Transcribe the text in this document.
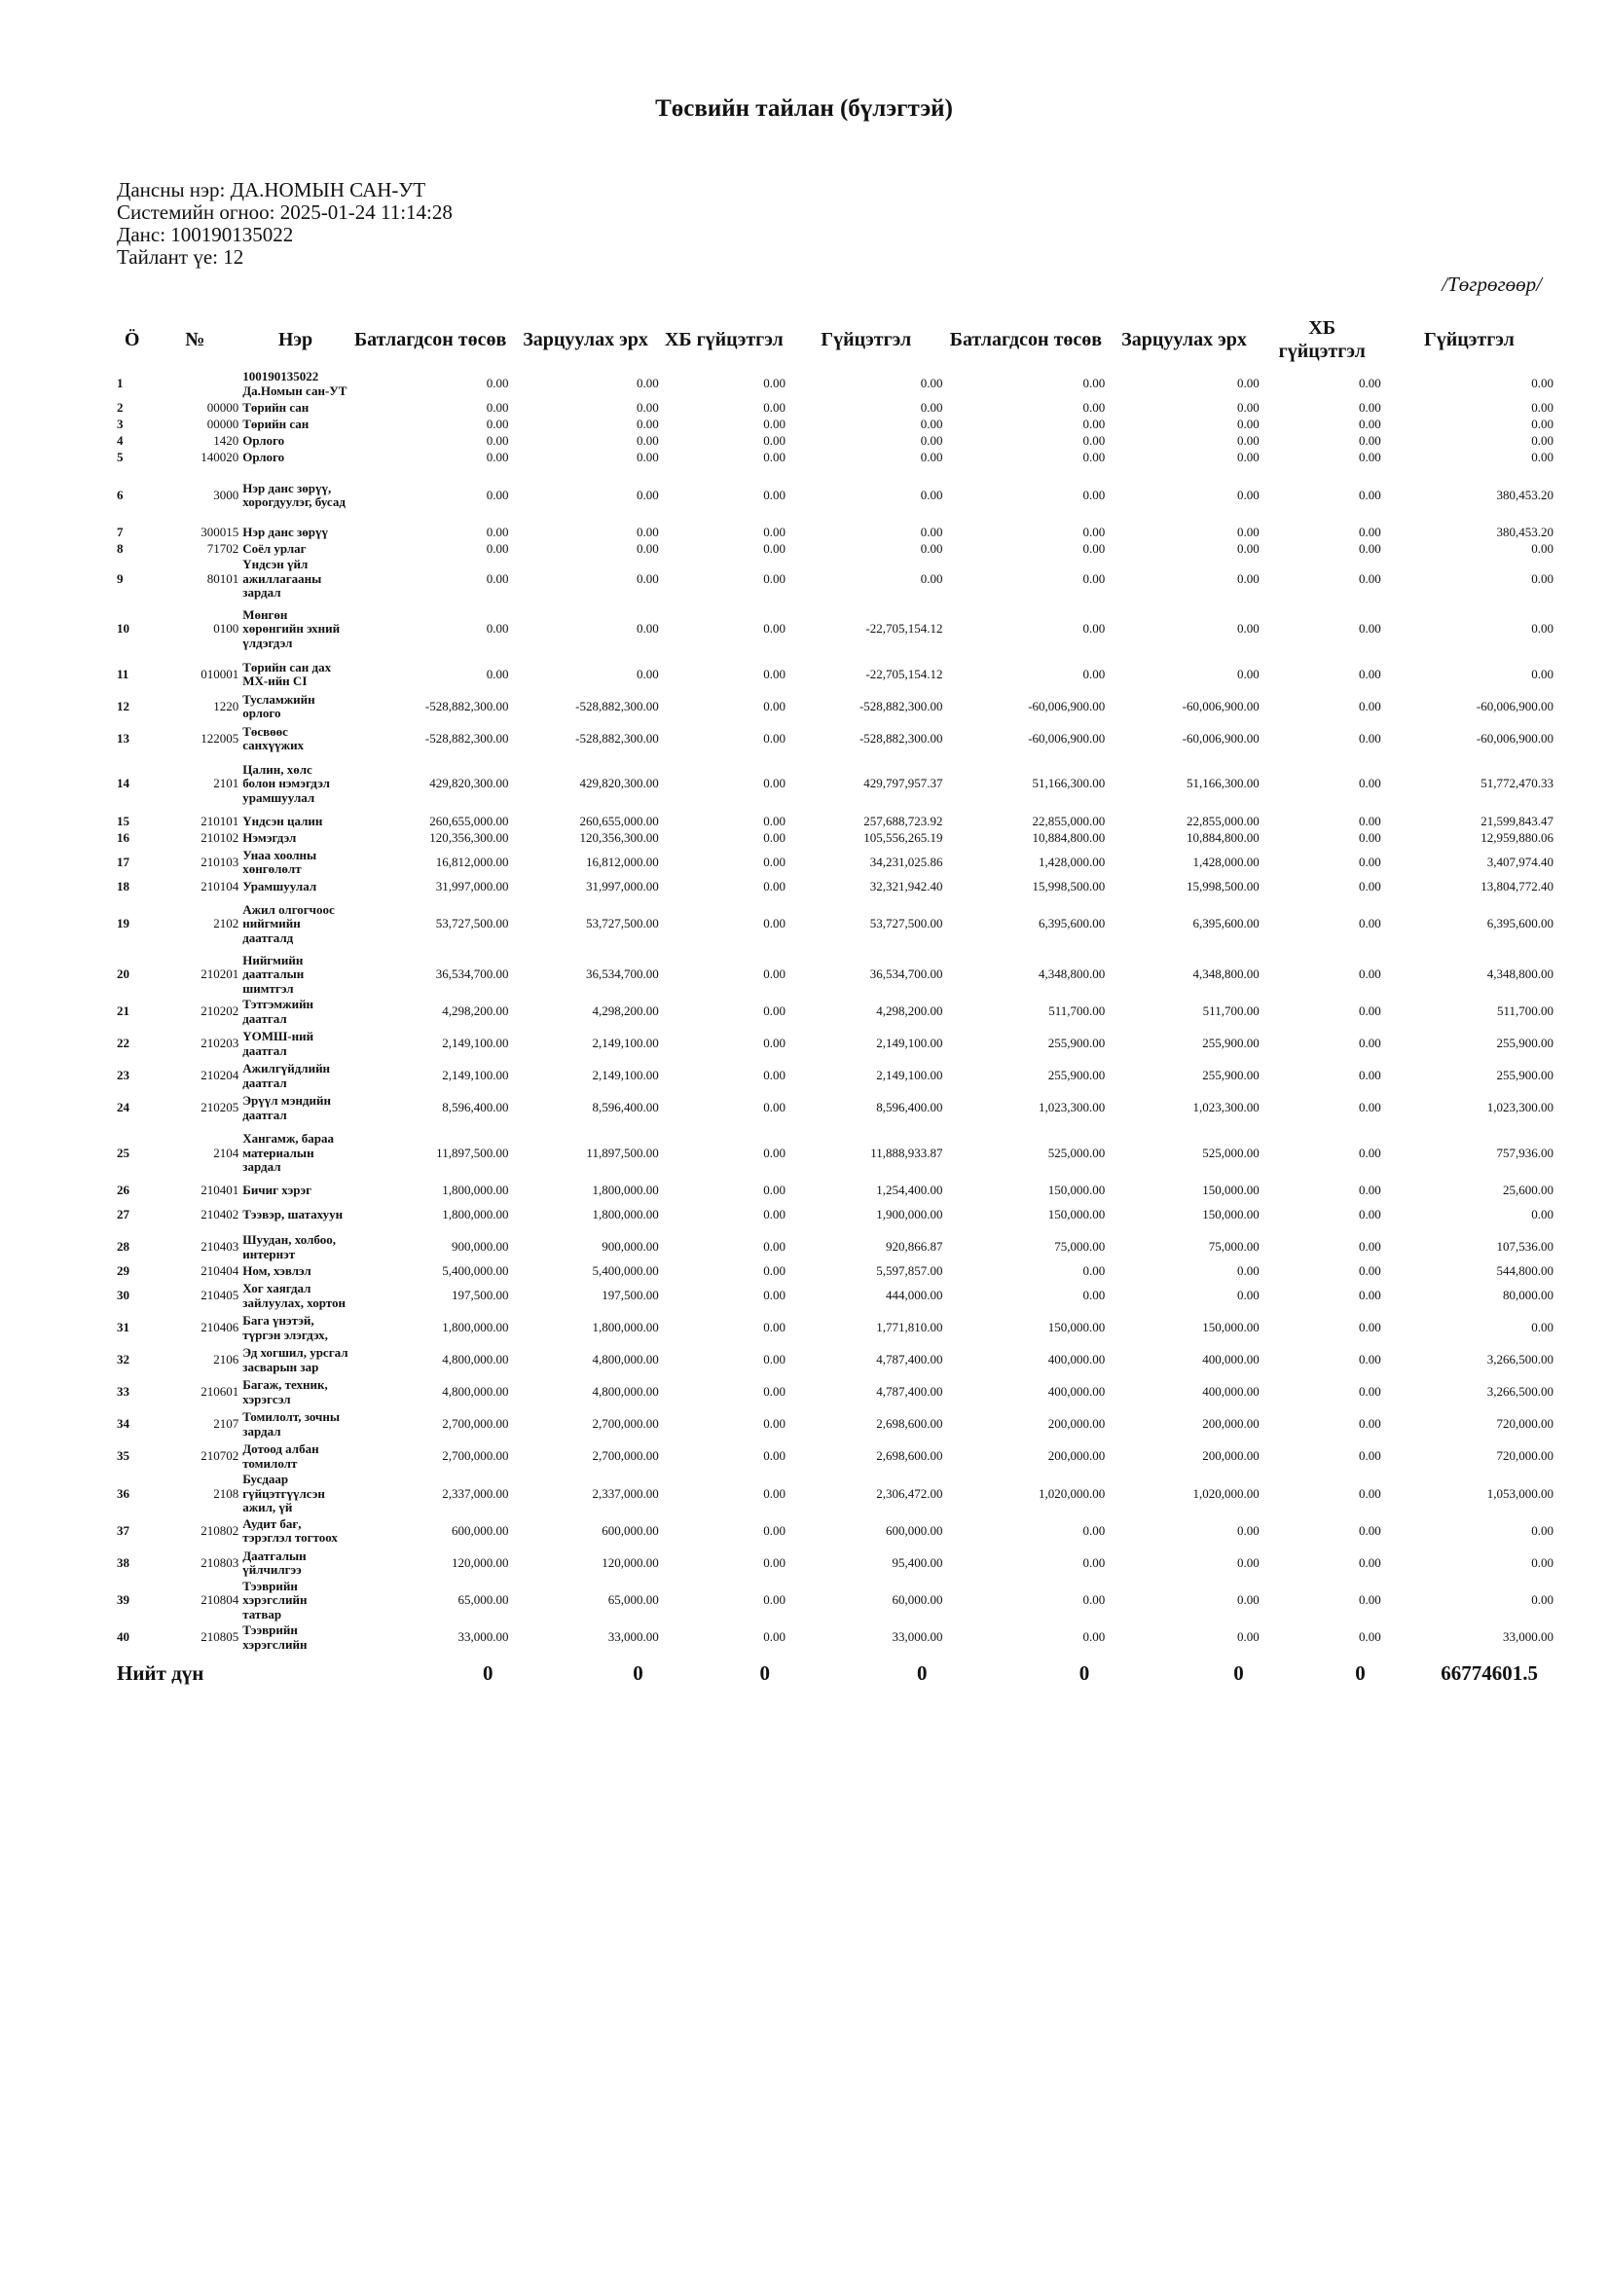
Төсвийн тайлан (бүлэгтэй)
Дансны нэр: ДА.НОМЫН САН-УТ
Системийн огноо: 2025-01-24 11:14:28
Данс: 100190135022
Тайлант үе: 12
/Төгрөгөөр/
Ӧ	№	Нэр	Батлагдсон төсөв	Зарцуулах эрх	ХБ гүйцэтгэл	Гүйцэтгэл	Батлагдсон төсөв	Зарцуулах эрх	ХБ гүйцэтгэл	Гүйцэтгэл
1		100190135022 Да.Номын сан-УТ	0.00	0.00	0.00	0.00	0.00	0.00	0.00	0.00
2	00000	Төрийн сан	0.00	0.00	0.00	0.00	0.00	0.00	0.00	0.00
3	00000	Төрийн сан	0.00	0.00	0.00	0.00	0.00	0.00	0.00	0.00
4	1420	Орлого	0.00	0.00	0.00	0.00	0.00	0.00	0.00	0.00
5	140020	Орлого	0.00	0.00	0.00	0.00	0.00	0.00	0.00	0.00
6	3000	Нэр данс зөрүү, хорогдуулэг, бусад	0.00	0.00	0.00	0.00	0.00	0.00	0.00	380,453.20
7	300015	Нэр данс зөрүү	0.00	0.00	0.00	0.00	0.00	0.00	0.00	380,453.20
8	71702	Соёл урлаг	0.00	0.00	0.00	0.00	0.00	0.00	0.00	0.00
9	80101	Үндсэн үйл ажиллагааны зардал	0.00	0.00	0.00	0.00	0.00	0.00	0.00	0.00
10	0100	Мөнгөн хөрөнгийн эхний үлдэгдэл	0.00	0.00	0.00	-22,705,154.12	0.00	0.00	0.00	0.00
11	010001	Төрийн сан дах МХ-ийн СІ	0.00	0.00	0.00	-22,705,154.12	0.00	0.00	0.00	0.00
12	1220	Тусламжийн орлого	-528,882,300.00	-528,882,300.00	0.00	-528,882,300.00	-60,006,900.00	-60,006,900.00	0.00	-60,006,900.00
13	122005	Төсвөөс санхүүжих	-528,882,300.00	-528,882,300.00	0.00	-528,882,300.00	-60,006,900.00	-60,006,900.00	0.00	-60,006,900.00
14	2101	Цалин, хөлс болон нэмэгдэл урамшуулал	429,820,300.00	429,820,300.00	0.00	429,797,957.37	51,166,300.00	51,166,300.00	0.00	51,772,470.33
15	210101	Үндсэн цалин	260,655,000.00	260,655,000.00	0.00	257,688,723.92	22,855,000.00	22,855,000.00	0.00	21,599,843.47
16	210102	Нэмэгдэл	120,356,300.00	120,356,300.00	0.00	105,556,265.19	10,884,800.00	10,884,800.00	0.00	12,959,880.06
17	210103	Унаа хоолны хөнгөлөлт	16,812,000.00	16,812,000.00	0.00	34,231,025.86	1,428,000.00	1,428,000.00	0.00	3,407,974.40
18	210104	Урамшуулал	31,997,000.00	31,997,000.00	0.00	32,321,942.40	15,998,500.00	15,998,500.00	0.00	13,804,772.40
19	2102	Ажил олгогчоос нийгмийн даатгалд	53,727,500.00	53,727,500.00	0.00	53,727,500.00	6,395,600.00	6,395,600.00	0.00	6,395,600.00
20	210201	Нийгмийн даатгалын шимтгэл	36,534,700.00	36,534,700.00	0.00	36,534,700.00	4,348,800.00	4,348,800.00	0.00	4,348,800.00
21	210202	Тэтгэмжийн даатгал	4,298,200.00	4,298,200.00	0.00	4,298,200.00	511,700.00	511,700.00	0.00	511,700.00
22	210203	ҮОМШ-ний даатгал	2,149,100.00	2,149,100.00	0.00	2,149,100.00	255,900.00	255,900.00	0.00	255,900.00
23	210204	Ажилгүйдлийн даатгал	2,149,100.00	2,149,100.00	0.00	2,149,100.00	255,900.00	255,900.00	0.00	255,900.00
24	210205	Эрүүл мэндийн даатгал	8,596,400.00	8,596,400.00	0.00	8,596,400.00	1,023,300.00	1,023,300.00	0.00	1,023,300.00
25	2104	Хангамж, бараа материалын зардал	11,897,500.00	11,897,500.00	0.00	11,888,933.87	525,000.00	525,000.00	0.00	757,936.00
26	210401	Бичиг хэрэг	1,800,000.00	1,800,000.00	0.00	1,254,400.00	150,000.00	150,000.00	0.00	25,600.00
27	210402	Тээвэр, шатахуун	1,800,000.00	1,800,000.00	0.00	1,900,000.00	150,000.00	150,000.00	0.00	0.00
28	210403	Шуудан, холбоо, интернэт	900,000.00	900,000.00	0.00	920,866.87	75,000.00	75,000.00	0.00	107,536.00
29	210404	Ном, хэвлэл	5,400,000.00	5,400,000.00	0.00	5,597,857.00	0.00	0.00	0.00	544,800.00
30	210405	Хог хаягдал зайлуулах, хортон	197,500.00	197,500.00	0.00	444,000.00	0.00	0.00	0.00	80,000.00
31	210406	Бага үнэтэй, түргэн элэгдэх,	1,800,000.00	1,800,000.00	0.00	1,771,810.00	150,000.00	150,000.00	0.00	0.00
32	2106	Эд хогшил, урсгал засварын зар	4,800,000.00	4,800,000.00	0.00	4,787,400.00	400,000.00	400,000.00	0.00	3,266,500.00
33	210601	Багаж, техник, хэрэгсэл	4,800,000.00	4,800,000.00	0.00	4,787,400.00	400,000.00	400,000.00	0.00	3,266,500.00
34	2107	Томилолт, зочны зардал	2,700,000.00	2,700,000.00	0.00	2,698,600.00	200,000.00	200,000.00	0.00	720,000.00
35	210702	Дотоод албан томилолт	2,700,000.00	2,700,000.00	0.00	2,698,600.00	200,000.00	200,000.00	0.00	720,000.00
36	2108	Бусдаар гүйцэтгүүлсэн ажил, үй	2,337,000.00	2,337,000.00	0.00	2,306,472.00	1,020,000.00	1,020,000.00	0.00	1,053,000.00
37	210802	Аудит бағ, тэрэглэл тогтоох	600,000.00	600,000.00	0.00	600,000.00	0.00	0.00	0.00	0.00
38	210803	Даатгалын үйлчилгээ	120,000.00	120,000.00	0.00	95,400.00	0.00	0.00	0.00	0.00
39	210804	Тээврийн хэрэгслийн татвар	65,000.00	65,000.00	0.00	60,000.00	0.00	0.00	0.00	0.00
40	210805	Тээврийн хэрэгслийн	33,000.00	33,000.00	0.00	33,000.00	0.00	0.00	0.00	33,000.00
Нийт дүн			0	0	0	0	0	0	0	66774601.5
